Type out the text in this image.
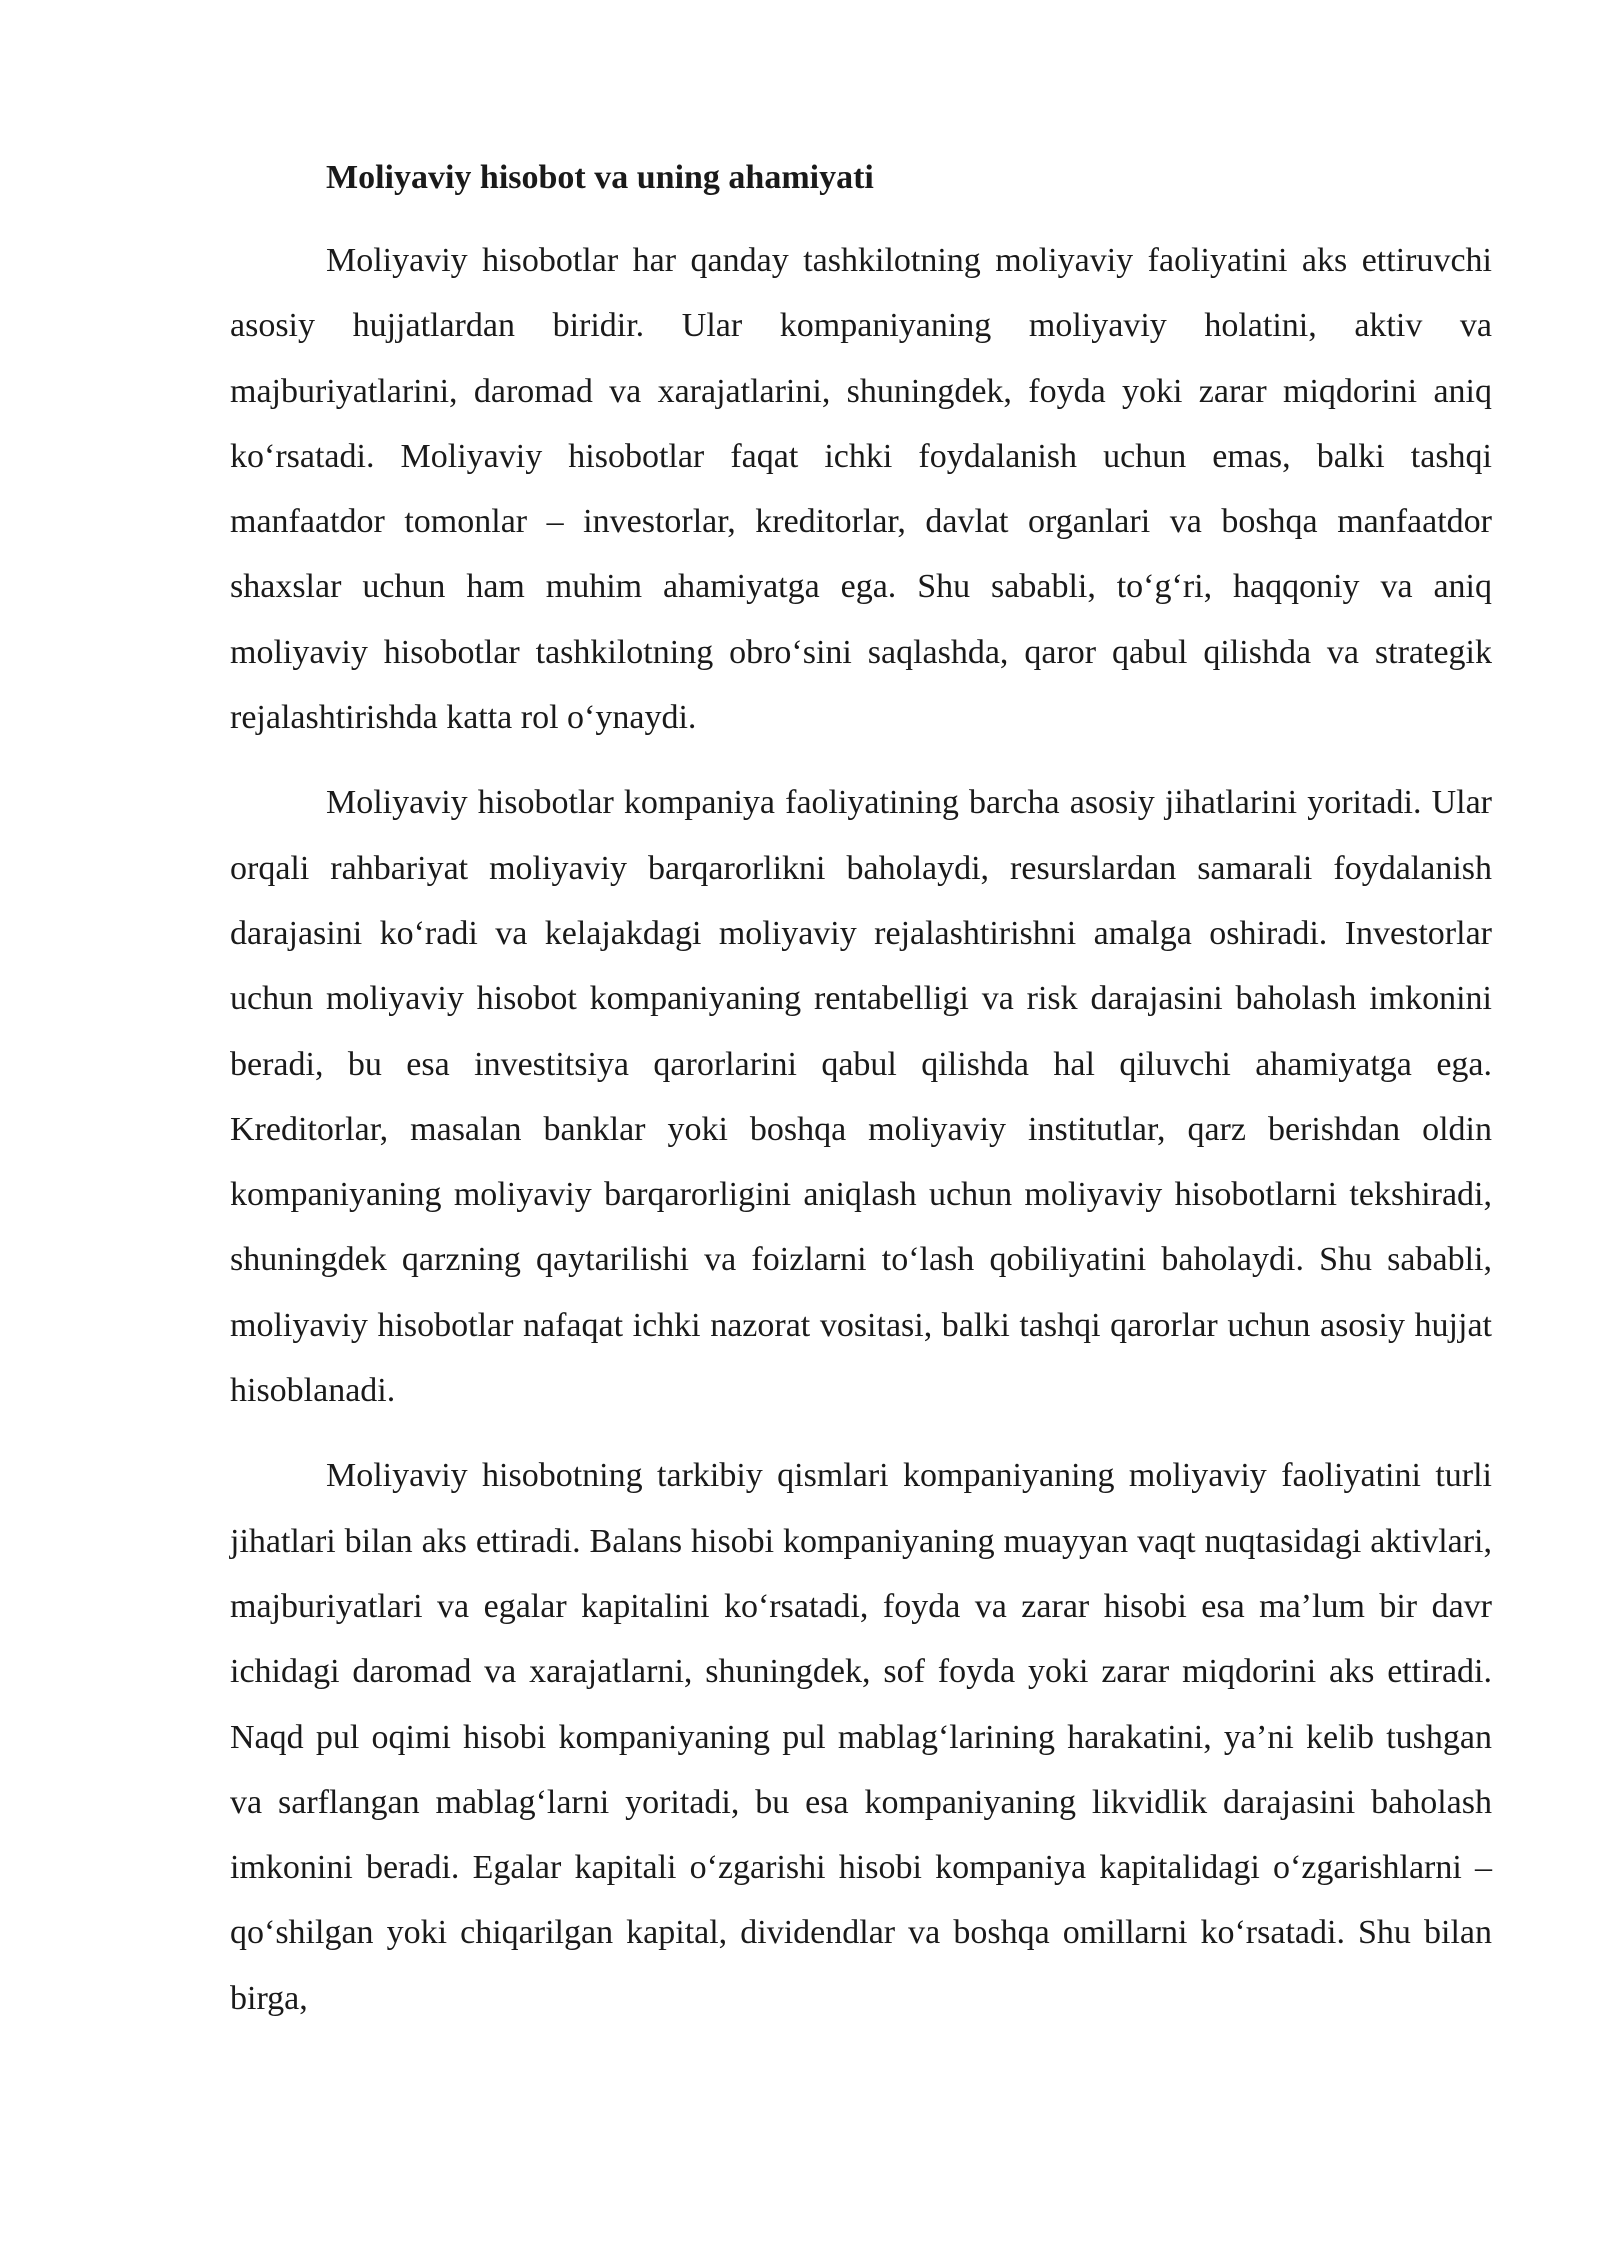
Moliyaviy hisobot va uning ahamiyati

Moliyaviy hisobotlar har qanday tashkilotning moliyaviy faoliyatini aks ettiruvchi asosiy hujjatlardan biridir. Ular kompaniyaning moliyaviy holatini, aktiv va majburiyatlarini, daromad va xarajatlarini, shuningdek, foyda yoki zarar miqdorini aniq ko‘rsatadi. Moliyaviy hisobotlar faqat ichki foydalanish uchun emas, balki tashqi manfaatdor tomonlar – investorlar, kreditorlar, davlat organlari va boshqa manfaatdor shaxslar uchun ham muhim ahamiyatga ega. Shu sababli, to‘g‘ri, haqqoniy va aniq moliyaviy hisobotlar tashkilotning obro‘sini saqlashda, qaror qabul qilishda va strategik rejalashtirishda katta rol o‘ynaydi.

Moliyaviy hisobotlar kompaniya faoliyatining barcha asosiy jihatlarini yoritadi. Ular orqali rahbariyat moliyaviy barqarorlikni baholaydi, resurslardan samarali foydalanish darajasini ko‘radi va kelajakdagi moliyaviy rejalashtirishni amalga oshiradi. Investorlar uchun moliyaviy hisobot kompaniyaning rentabelligi va risk darajasini baholash imkonini beradi, bu esa investitsiya qarorlarini qabul qilishda hal qiluvchi ahamiyatga ega. Kreditorlar, masalan banklar yoki boshqa moliyaviy institutlar, qarz berishdan oldin kompaniyaning moliyaviy barqarorligini aniqlash uchun moliyaviy hisobotlarni tekshiradi, shuningdek qarzning qaytarilishi va foizlarni to‘lash qobiliyatini baholaydi. Shu sababli, moliyaviy hisobotlar nafaqat ichki nazorat vositasi, balki tashqi qarorlar uchun asosiy hujjat hisoblanadi.

Moliyaviy hisobotning tarkibiy qismlari kompaniyaning moliyaviy faoliyatini turli jihatlari bilan aks ettiradi. Balans hisobi kompaniyaning muayyan vaqt nuqtasidagi aktivlari, majburiyatlari va egalar kapitalini ko‘rsatadi, foyda va zarar hisobi esa ma’lum bir davr ichidagi daromad va xarajatlarni, shuningdek, sof foyda yoki zarar miqdorini aks ettiradi. Naqd pul oqimi hisobi kompaniyaning pul mablag‘larining harakatini, ya’ni kelib tushgan va sarflangan mablag‘larni yoritadi, bu esa kompaniyaning likvidlik darajasini baholash imkonini beradi. Egalar kapitali o‘zgarishi hisobi kompaniya kapitalidagi o‘zgarishlarni – qo‘shilgan yoki chiqarilgan kapital, dividendlar va boshqa omillarni ko‘rsatadi. Shu bilan birga,
